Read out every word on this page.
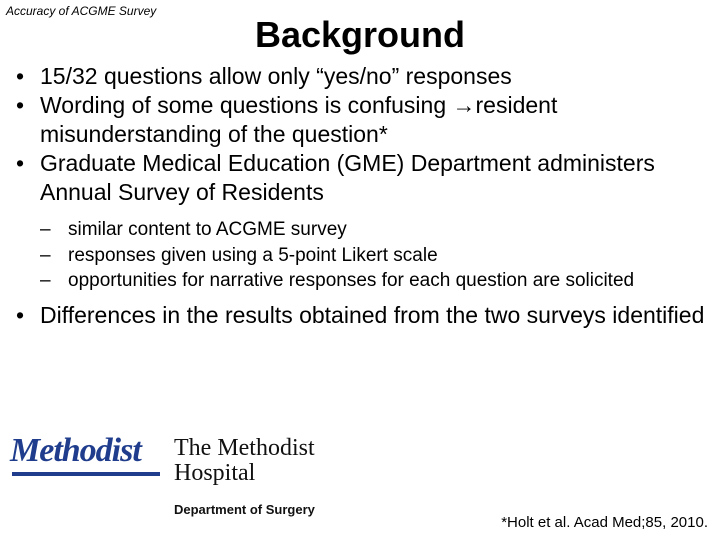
Accuracy of ACGME Survey
Background
• 15/32 questions allow only “yes/no” responses
• Wording of some questions is confusing →resident misunderstanding of the question*
• Graduate Medical Education (GME) Department administers Annual Survey of Residents
– similar content to ACGME survey
– responses given using a 5-point Likert scale
– opportunities for narrative responses for each question are solicited
• Differences in the results obtained from the two surveys identified
Methodist The Methodist
Hospital
Department of Surgery
*Holt et al. Acad Med;85, 2010.
